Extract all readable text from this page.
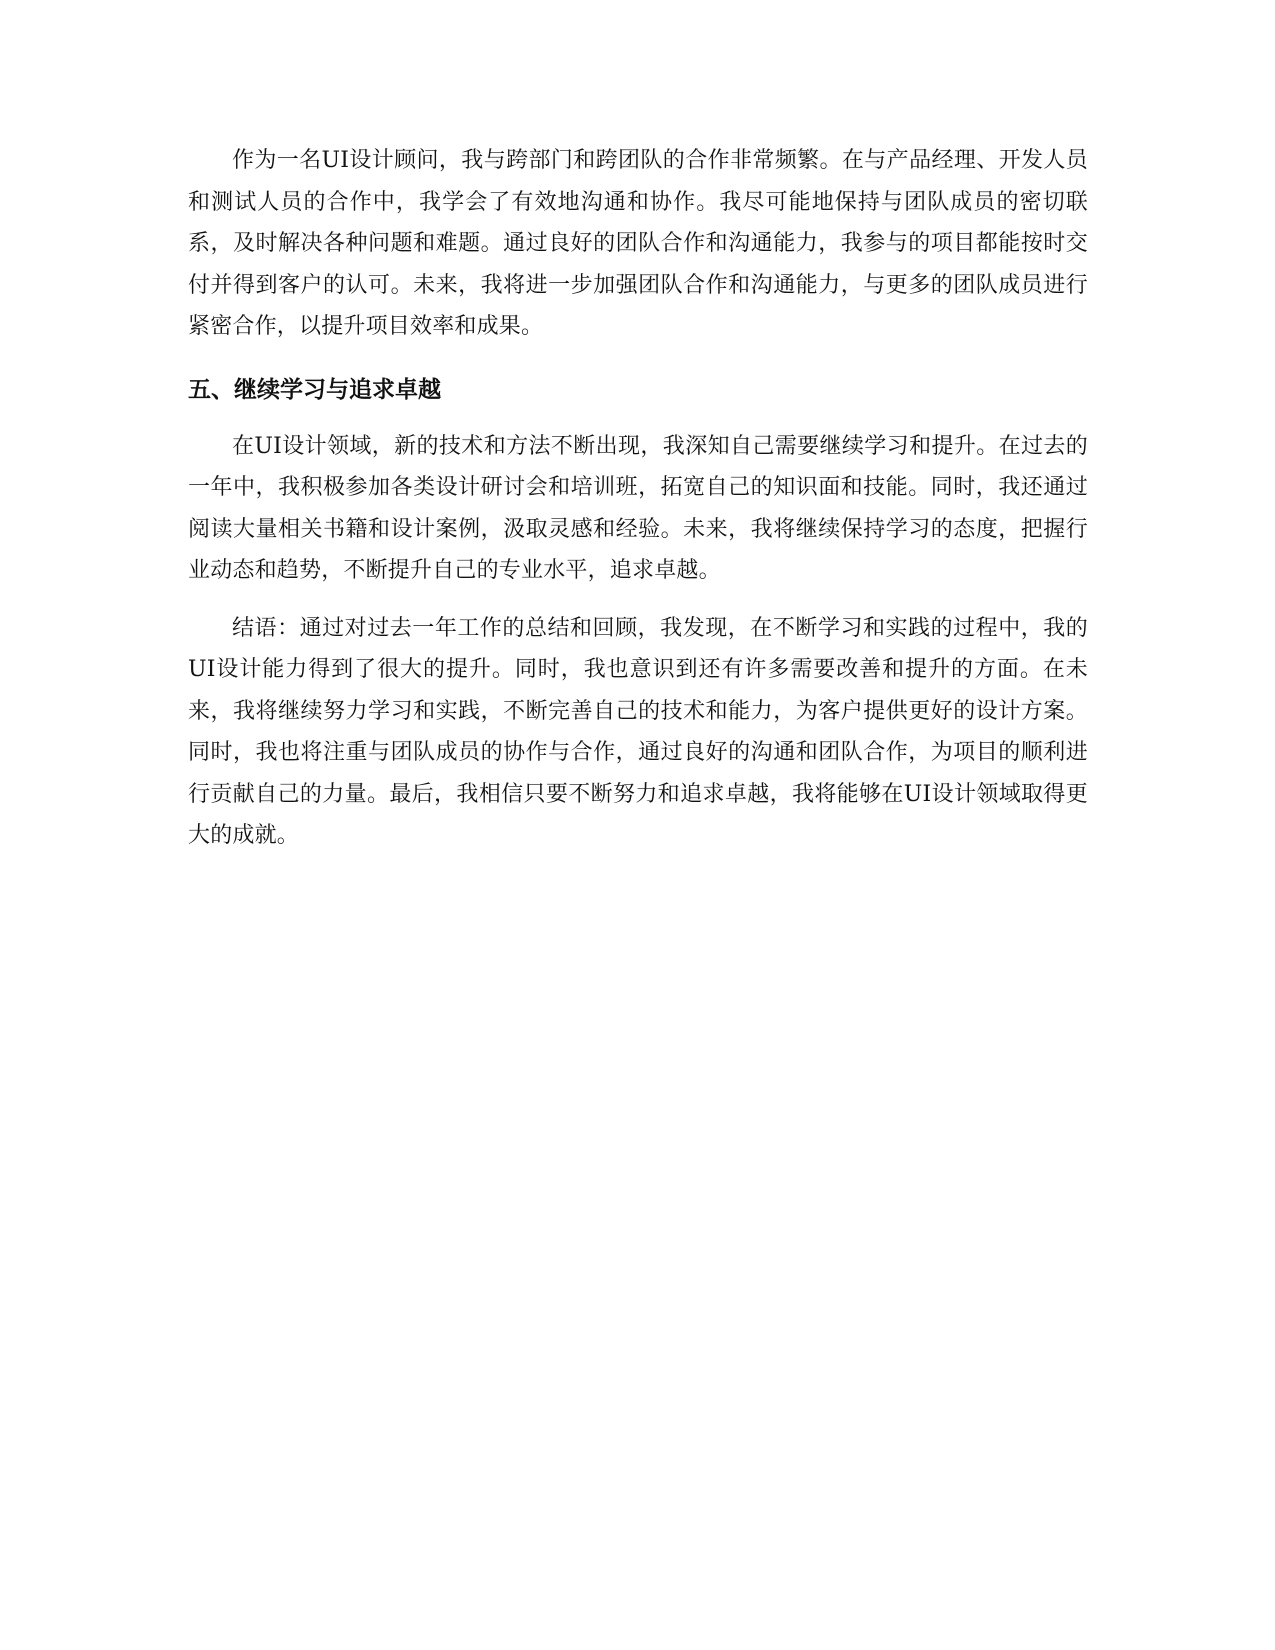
作为一名UI设计顾问，我与跨部门和跨团队的合作非常频繁。在与产品经理、开发人员和测试人员的合作中，我学会了有效地沟通和协作。我尽可能地保持与团队成员的密切联系，及时解决各种问题和难题。通过良好的团队合作和沟通能力，我参与的项目都能按时交付并得到客户的认可。未来，我将进一步加强团队合作和沟通能力，与更多的团队成员进行紧密合作，以提升项目效率和成果。

五、继续学习与追求卓越

在UI设计领域，新的技术和方法不断出现，我深知自己需要继续学习和提升。在过去的一年中，我积极参加各类设计研讨会和培训班，拓宽自己的知识面和技能。同时，我还通过阅读大量相关书籍和设计案例，汲取灵感和经验。未来，我将继续保持学习的态度，把握行业动态和趋势，不断提升自己的专业水平，追求卓越。

结语：通过对过去一年工作的总结和回顾，我发现，在不断学习和实践的过程中，我的UI设计能力得到了很大的提升。同时，我也意识到还有许多需要改善和提升的方面。在未来，我将继续努力学习和实践，不断完善自己的技术和能力，为客户提供更好的设计方案。同时，我也将注重与团队成员的协作与合作，通过良好的沟通和团队合作，为项目的顺利进行贡献自己的力量。最后，我相信只要不断努力和追求卓越，我将能够在UI设计领域取得更大的成就。
